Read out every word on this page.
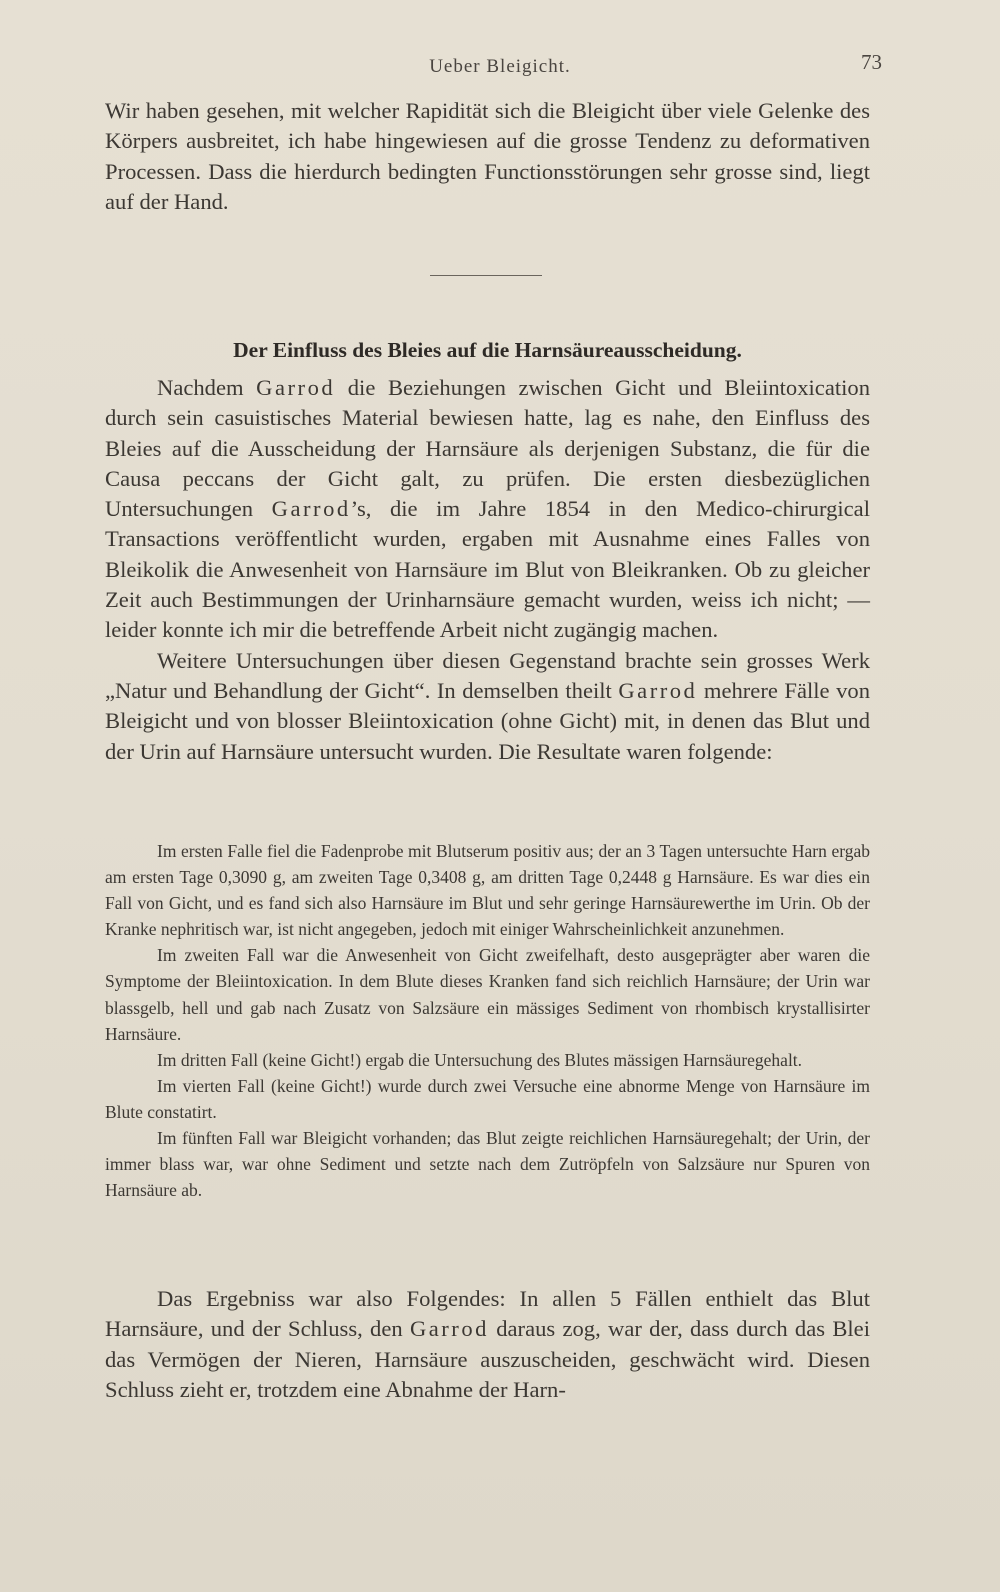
Ueber Bleigicht.	73

Wir haben gesehen, mit welcher Rapidität sich die Bleigicht über viele Gelenke des Körpers ausbreitet, ich habe hingewiesen auf die grosse Tendenz zu deformativen Processen. Dass die hierdurch bedingten Functionsstörungen sehr grosse sind, liegt auf der Hand.

Der Einfluss des Bleies auf die Harnsäureausscheidung.

Nachdem Garrod die Beziehungen zwischen Gicht und Bleiintoxication durch sein casuistisches Material bewiesen hatte, lag es nahe, den Einfluss des Bleies auf die Ausscheidung der Harnsäure als derjenigen Substanz, die für die Causa peccans der Gicht galt, zu prüfen. Die ersten diesbezüglichen Untersuchungen Garrod’s, die im Jahre 1854 in den Medico-chirurgical Transactions veröffentlicht wurden, ergaben mit Ausnahme eines Falles von Bleikolik die Anwesenheit von Harnsäure im Blut von Bleikranken. Ob zu gleicher Zeit auch Bestimmungen der Urinharnsäure gemacht wurden, weiss ich nicht; — leider konnte ich mir die betreffende Arbeit nicht zugängig machen.

Weitere Untersuchungen über diesen Gegenstand brachte sein grosses Werk „Natur und Behandlung der Gicht“. In demselben theilt Garrod mehrere Fälle von Bleigicht und von blosser Bleiintoxication (ohne Gicht) mit, in denen das Blut und der Urin auf Harnsäure untersucht wurden. Die Resultate waren folgende:

Im ersten Falle fiel die Fadenprobe mit Blutserum positiv aus; der an 3 Tagen untersuchte Harn ergab am ersten Tage 0,3090 g, am zweiten Tage 0,3408 g, am dritten Tage 0,2448 g Harnsäure. Es war dies ein Fall von Gicht, und es fand sich also Harnsäure im Blut und sehr geringe Harnsäurewerthe im Urin. Ob der Kranke nephritisch war, ist nicht angegeben, jedoch mit einiger Wahrscheinlichkeit anzunehmen.

Im zweiten Fall war die Anwesenheit von Gicht zweifelhaft, desto ausgeprägter aber waren die Symptome der Bleiintoxication. In dem Blute dieses Kranken fand sich reichlich Harnsäure; der Urin war blassgelb, hell und gab nach Zusatz von Salzsäure ein mässiges Sediment von rhombisch krystallisirter Harnsäure.

Im dritten Fall (keine Gicht!) ergab die Untersuchung des Blutes mässigen Harnsäuregehalt.

Im vierten Fall (keine Gicht!) wurde durch zwei Versuche eine abnorme Menge von Harnsäure im Blute constatirt.

Im fünften Fall war Bleigicht vorhanden; das Blut zeigte reichlichen Harnsäuregehalt; der Urin, der immer blass war, war ohne Sediment und setzte nach dem Zutröpfeln von Salzsäure nur Spuren von Harnsäure ab.

Das Ergebniss war also Folgendes: In allen 5 Fällen enthielt das Blut Harnsäure, und der Schluss, den Garrod daraus zog, war der, dass durch das Blei das Vermögen der Nieren, Harnsäure auszuscheiden, geschwächt wird. Diesen Schluss zieht er, trotzdem eine Abnahme der Harn-
